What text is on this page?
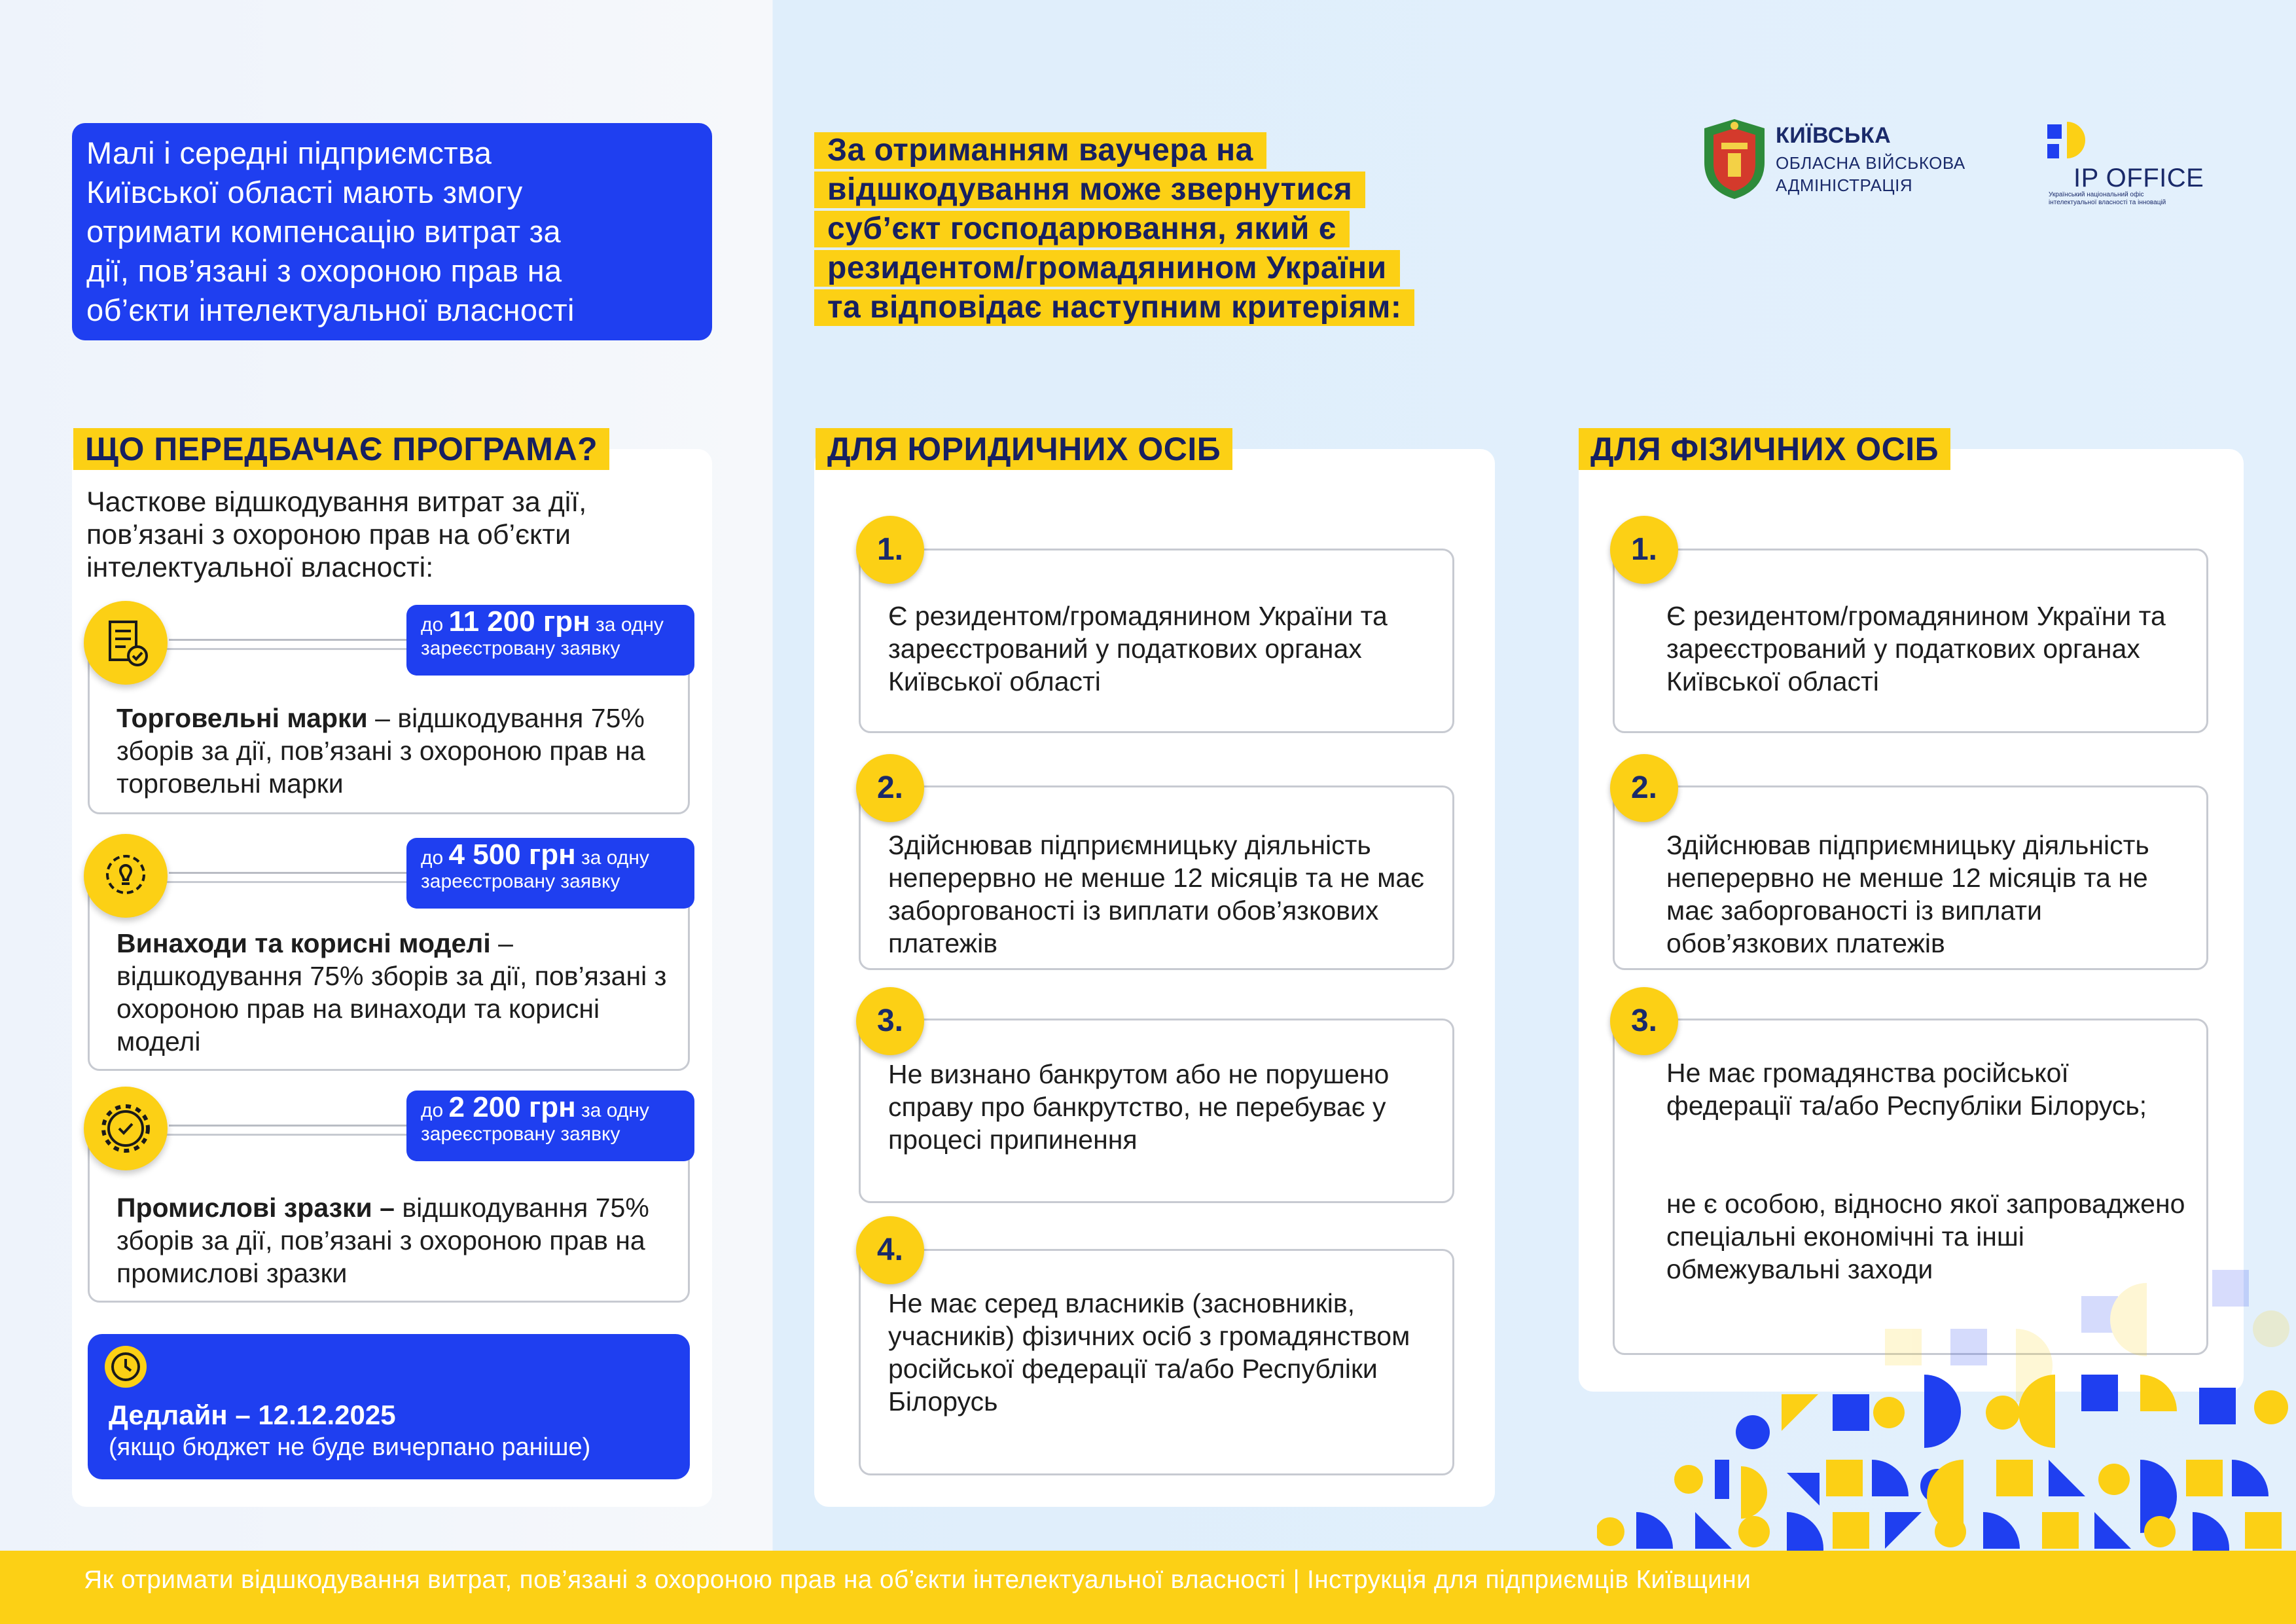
Малі і середні підприємства
Київської області мають змогу
отримати компенсацію витрат за
дії, пов’язані з охороною прав на
об’єкти інтелектуальної власності
За отриманням ваучера на
відшкодування може звернутися
суб’єкт господарювання, який є
резидентом/громадянином України
та відповідає наступним критеріям:
КИЇВСЬКА
ОБЛАСНА ВІЙСЬКОВА
АДМІНІСТРАЦІЯ	IP OFFICE
Український національний офіс інтелектуальної власності та інновацій
ЩО ПЕРЕДБАЧАЄ ПРОГРАМА?	ДЛЯ ЮРИДИЧНИХ ОСІБ	ДЛЯ ФІЗИЧНИХ ОСІБ
Часткове відшкодування витрат за дії, пов’язані з охороною прав на об’єкти інтелектуальної власності:
до 11 200 грн за одну
зареєстровану заявку
Торговельні марки – відшкодування 75% зборів за дії, пов’язані з охороною прав на торговельні марки
до 4 500 грн за одну
зареєстровану заявку
Винаходи та корисні моделі – відшкодування 75% зборів за дії, пов’язані з охороною прав на винаходи та корисні моделі
до 2 200 грн за одну
зареєстровану заявку
Промислові зразки – відшкодування 75% зборів за дії, пов’язані з охороною прав на промислові зразки
Дедлайн – 12.12.2025
(якщо бюджет не буде вичерпано раніше)
1.
Є резидентом/громадянином України та зареєстрований у податкових органах Київської області
2.
Здійснював підприємницьку діяльність неперервно не менше 12 місяців та не має заборгованості із виплати обов’язкових платежів
3.
Не визнано банкрутом або не порушено справу про банкрутство, не перебуває у процесі припинення
4.
Не має серед власників (засновників, учасників) фізичних осіб з громадянством російської федерації та/або Республіки Білорусь
1.
Є резидентом/громадянином України та зареєстрований у податкових органах Київської області
2.
Здійснював підприємницьку діяльність неперервно не менше 12 місяців та не має заборгованості із виплати обов’язкових платежів
3.
Не має громадянства російської федерації та/або Республіки Білорусь;
не є особою, відносно якої запроваджено спеціальні економічні та інші обмежувальні заходи
Як отримати відшкодування витрат, пов’язані з охороною прав на об’єкти інтелектуальної власності | Інструкція для підприємців Київщини
